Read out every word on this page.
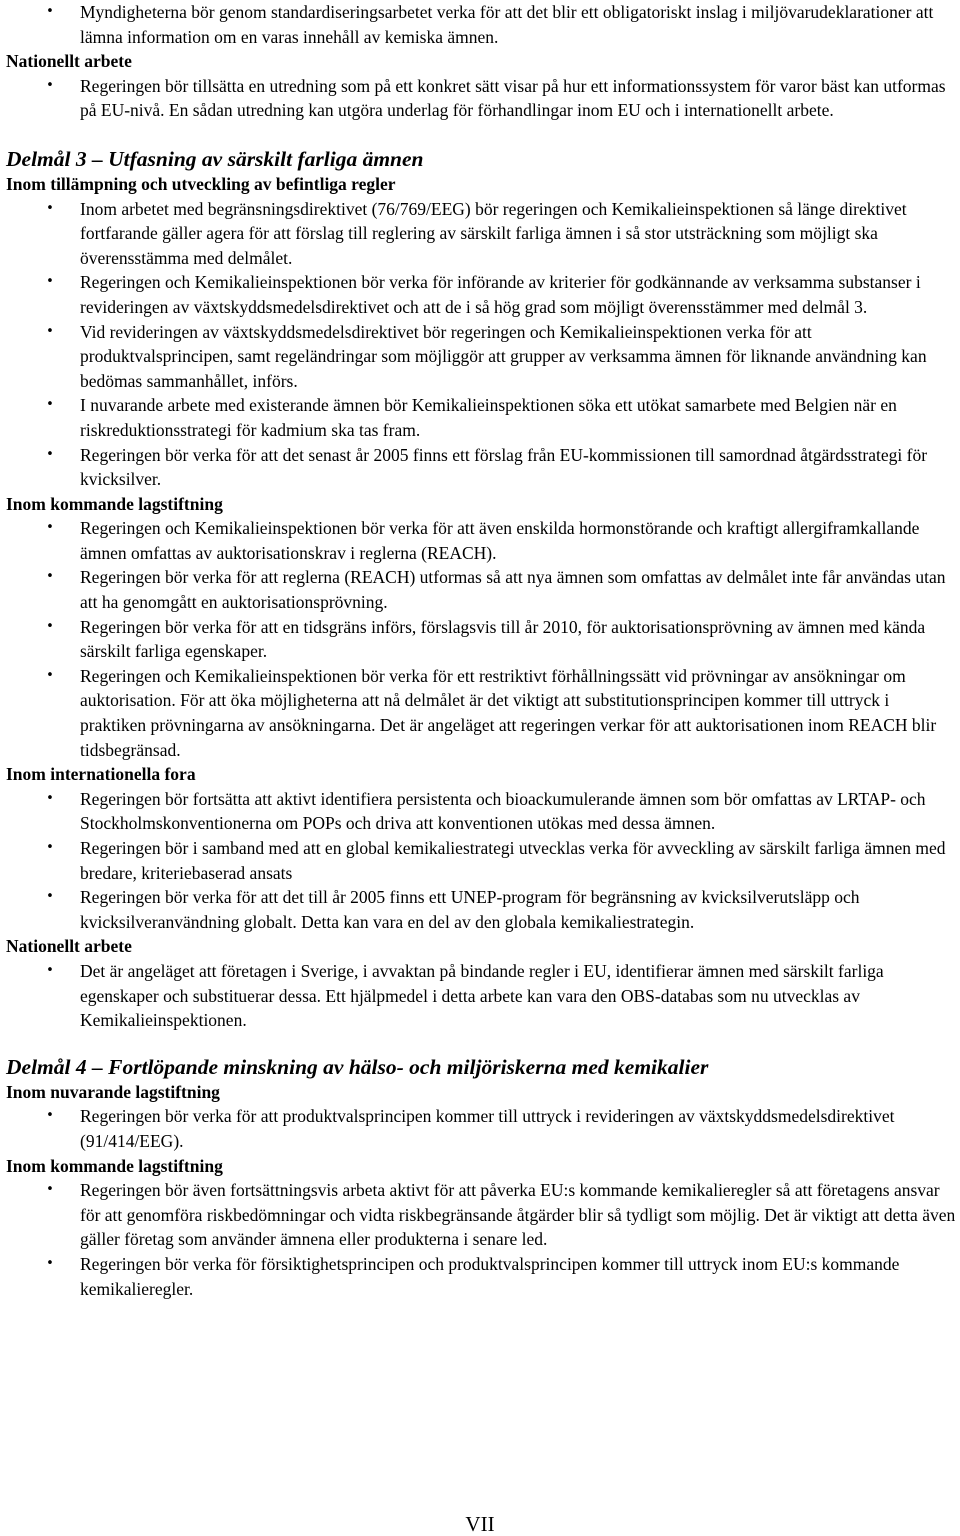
• Myndigheterna bör genom standardiseringsarbetet verka för att det blir ett obligatoriskt inslag i miljövarudeklarationer att lämna information om en varas innehåll av kemiska ämnen.
Nationellt arbete
• Regeringen bör tillsätta en utredning som på ett konkret sätt visar på hur ett informationssystem för varor bäst kan utformas på EU-nivå. En sådan utredning kan utgöra underlag för förhandlingar inom EU och i internationellt arbete.
Delmål 3 – Utfasning av särskilt farliga ämnen
Inom tillämpning och utveckling av befintliga regler
• Inom arbetet med begränsningsdirektivet (76/769/EEG) bör regeringen och Kemikalieinspektionen så länge direktivet fortfarande gäller agera för att förslag till reglering av särskilt farliga ämnen i så stor utsträckning som möjligt ska överensstämma med delmålet.
• Regeringen och Kemikalieinspektionen bör verka för införande av kriterier för godkännande av verksamma substanser i revideringen av växtskyddsmedelsdirektivet och att de i så hög grad som möjligt överensstämmer med delmål 3.
• Vid revideringen av växtskyddsmedelsdirektivet bör regeringen och Kemikalieinspektionen verka för att produktvalsprincipen, samt regeländringar som möjliggör att grupper av verksamma ämnen för liknande användning kan bedömas sammanhållet, införs.
• I nuvarande arbete med existerande ämnen bör Kemikalieinspektionen söka ett utökat samarbete med Belgien när en riskreduktionsstrategi för kadmium ska tas fram.
• Regeringen bör verka för att det senast år 2005 finns ett förslag från EU-kommissionen till samordnad åtgärdsstrategi för kvicksilver.
Inom kommande lagstiftning
• Regeringen och Kemikalieinspektionen bör verka för att även enskilda hormonstörande och kraftigt allergiframkallande ämnen omfattas av auktorisationskrav i reglerna (REACH).
• Regeringen bör verka för att reglerna (REACH) utformas så att nya ämnen som omfattas av delmålet inte får användas utan att ha genomgått en auktorisationsprövning.
• Regeringen bör verka för att en tidsgräns införs, förslagsvis till år 2010, för auktorisationsprövning av ämnen med kända särskilt farliga egenskaper.
• Regeringen och Kemikalieinspektionen bör verka för ett restriktivt förhållningssätt vid prövningar av ansökningar om auktorisation. För att öka möjligheterna att nå delmålet är det viktigt att substitutionsprincipen kommer till uttryck i praktiken prövningarna av ansökningarna. Det är angeläget att regeringen verkar för att auktorisationen inom REACH blir tidsbegränsad.
Inom internationella fora
• Regeringen bör fortsätta att aktivt identifiera persistenta och bioackumulerande ämnen som bör omfattas av LRTAP- och Stockholmskonventionerna om POPs och driva att konventionen utökas med dessa ämnen.
• Regeringen bör i samband med att en global kemikaliestrategi utvecklas verka för avveckling av särskilt farliga ämnen med bredare, kriteriebaserad ansats
• Regeringen bör verka för att det till år 2005 finns ett UNEP-program för begränsning av kvicksilverutsläpp och kvicksilveranvändning globalt. Detta kan vara en del av den globala kemikaliestrategin.
Nationellt arbete
• Det är angeläget att företagen i Sverige, i avvaktan på bindande regler i EU, identifierar ämnen med särskilt farliga egenskaper och substituerar dessa. Ett hjälpmedel i detta arbete kan vara den OBS-databas som nu utvecklas av Kemikalieinspektionen.
Delmål 4 – Fortlöpande minskning av hälso- och miljöriskerna med kemikalier
Inom nuvarande lagstiftning
• Regeringen bör verka för att produktvalsprincipen kommer till uttryck i revideringen av växtskyddsmedelsdirektivet (91/414/EEG).
Inom kommande lagstiftning
• Regeringen bör även fortsättningsvis arbeta aktivt för att påverka EU:s kommande kemikalieregler så att företagens ansvar för att genomföra riskbedömningar och vidta riskbegränsande åtgärder blir så tydligt som möjlig. Det är viktigt att detta även gäller företag som använder ämnena eller produkterna i senare led.
• Regeringen bör verka för försiktighetsprincipen och produktvalsprincipen kommer till uttryck inom EU:s kommande kemikalieregler.
VII
